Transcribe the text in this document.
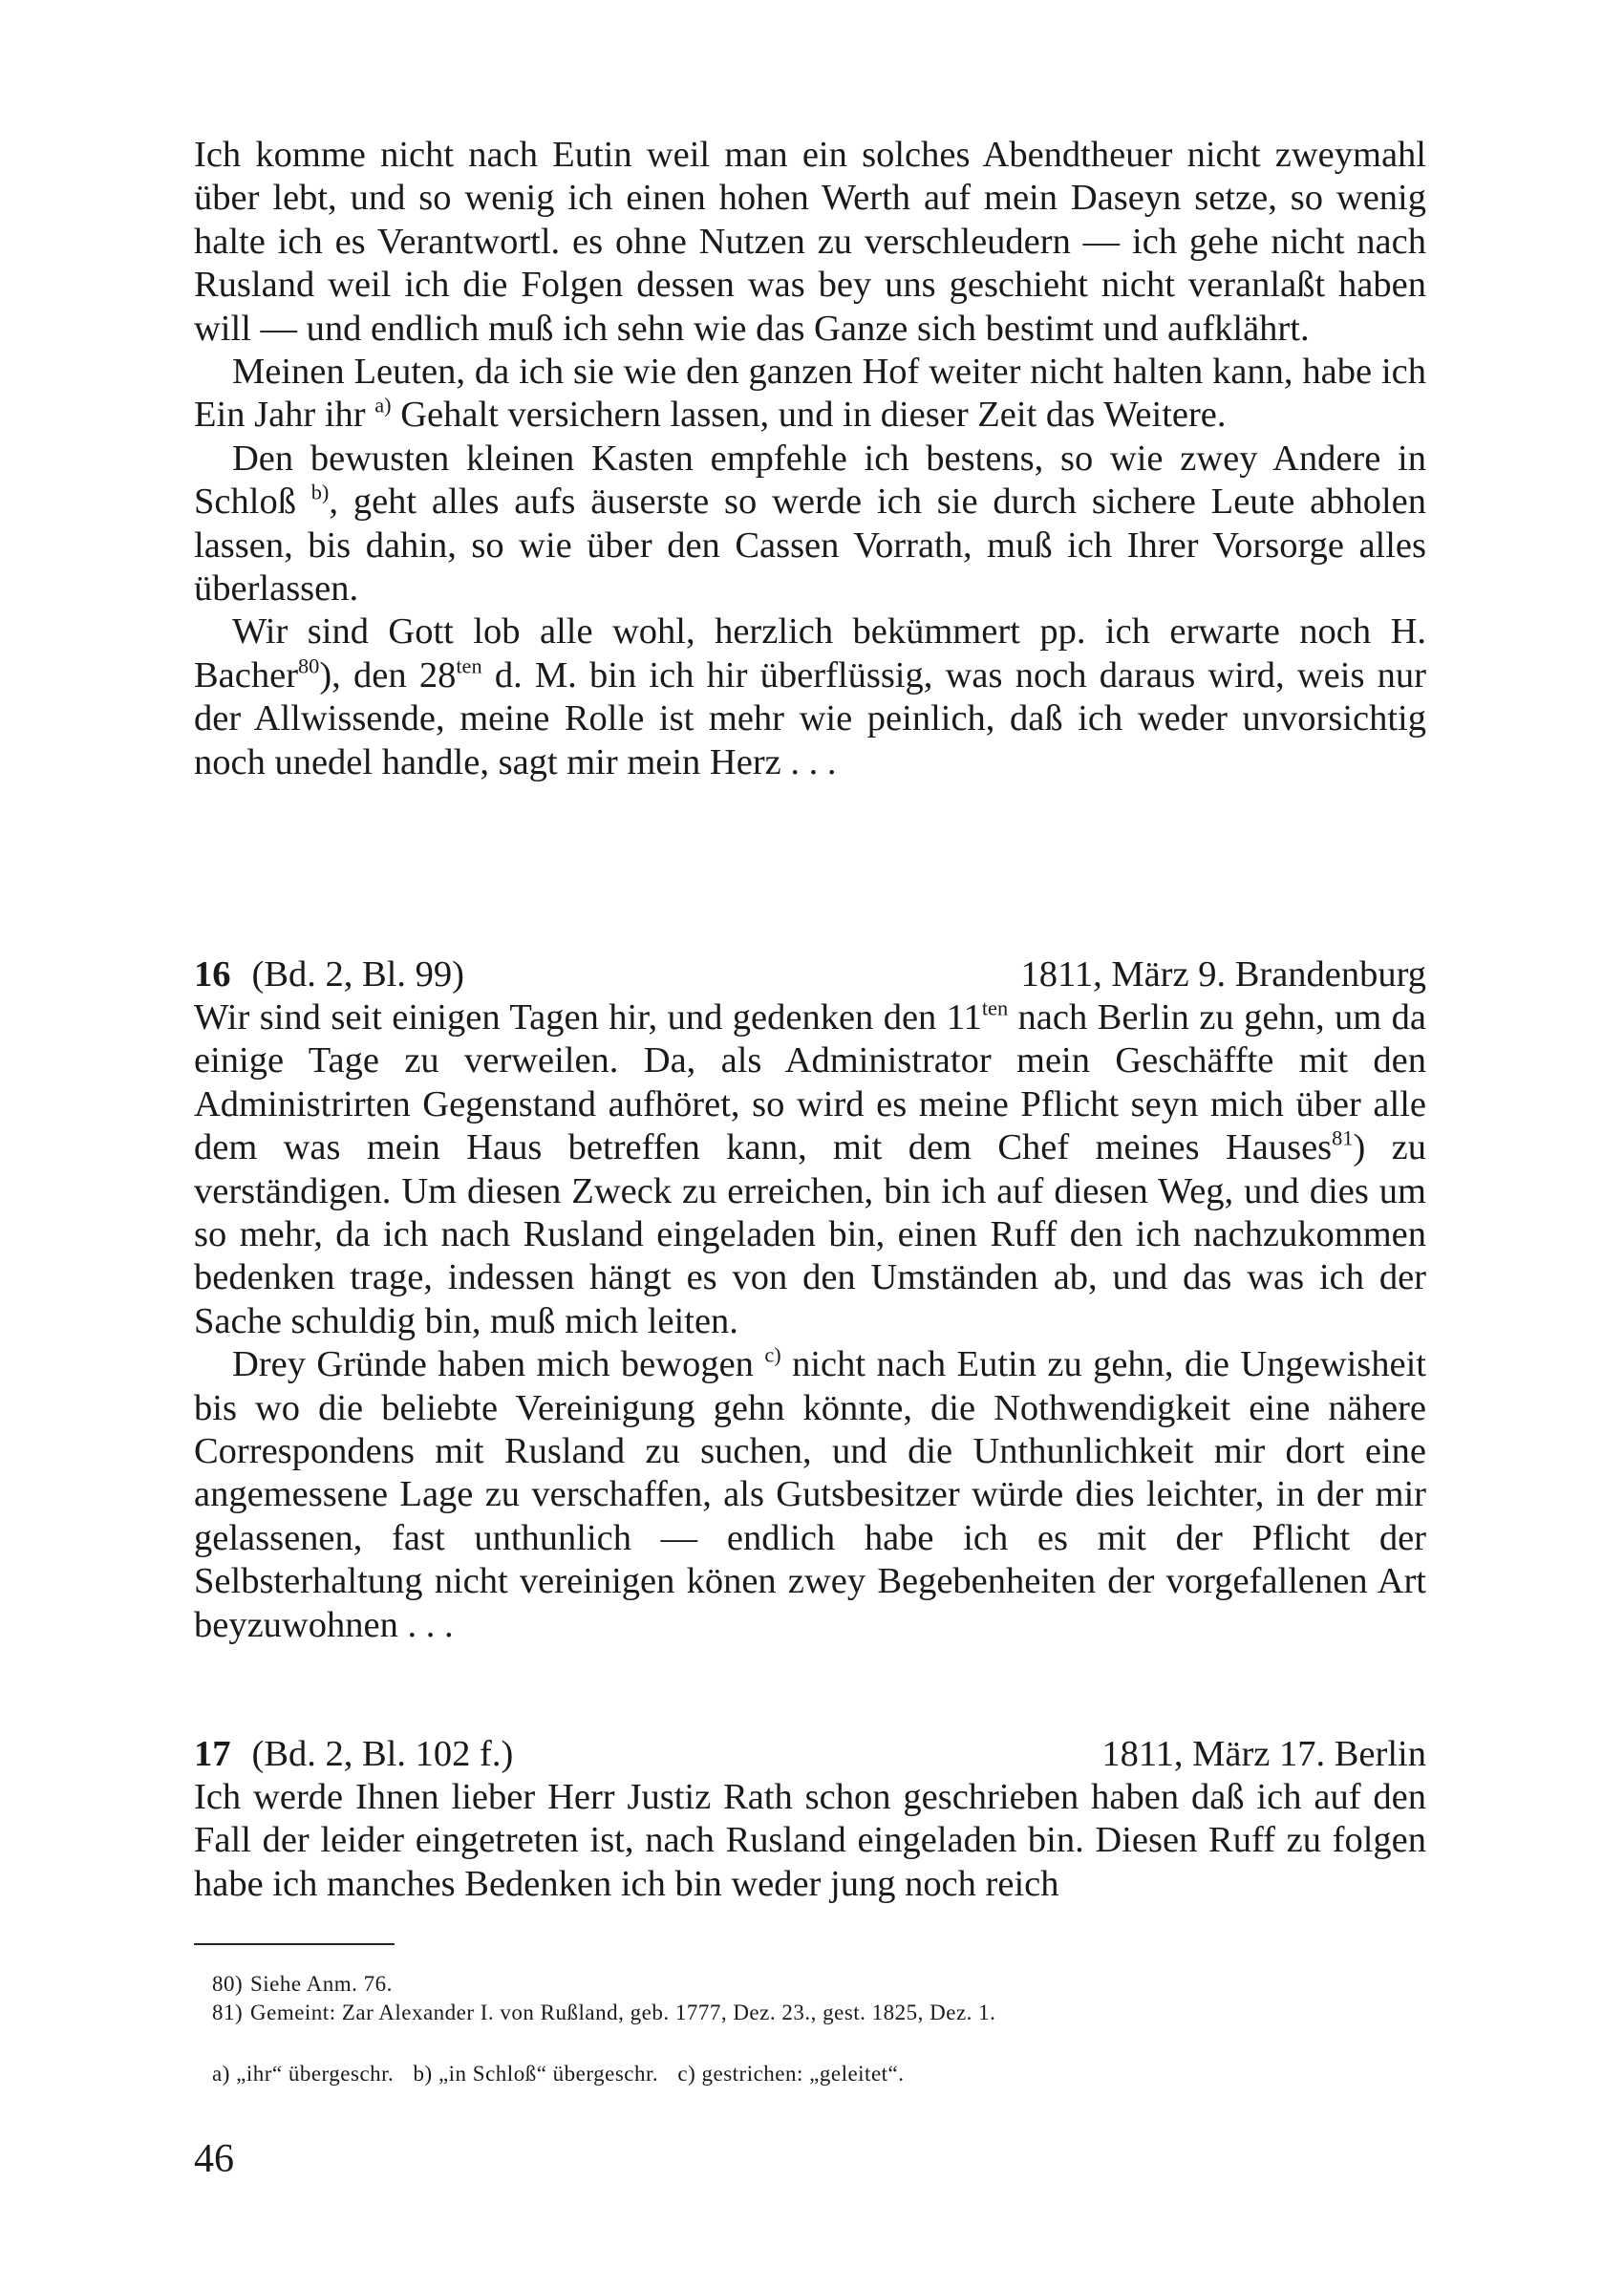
Ich komme nicht nach Eutin weil man ein solches Abendtheuer nicht zweymahl über lebt, und so wenig ich einen hohen Werth auf mein Daseyn setze, so wenig halte ich es Verantwortl. es ohne Nutzen zu verschleudern — ich gehe nicht nach Rusland weil ich die Folgen dessen was bey uns geschieht nicht veranlaßt haben will — und endlich muß ich sehn wie das Ganze sich bestimt und aufklährt.

Meinen Leuten, da ich sie wie den ganzen Hof weiter nicht halten kann, habe ich Ein Jahr ihr $^{a)}$ Gehalt versichern lassen, und in dieser Zeit das Weitere.

Den bewusten kleinen Kasten empfehle ich bestens, so wie zwey Andere in Schloß $^{b)}$, geht alles aufs äuserste so werde ich sie durch sichere Leute abholen lassen, bis dahin, so wie über den Cassen Vorrath, muß ich Ihrer Vorsorge alles überlassen.

Wir sind Gott lob alle wohl, herzlich bekümmert pp. ich erwarte noch H. Bacher$^{80}$), den $28^{ten}$ d. M. bin ich hir überflüssig, was noch daraus wird, weis nur der Allwissende, meine Rolle ist mehr wie peinlich, daß ich weder unvorsichtig noch unedel handle, sagt mir mein Herz . . .

16 (Bd. 2, Bl. 99)	1811, März 9. Brandenburg

Wir sind seit einigen Tagen hir, und gedenken den $11^{ten}$ nach Berlin zu gehn, um da einige Tage zu verweilen. Da, als Administrator mein Geschäffte mit den Administrirten Gegenstand aufhöret, so wird es meine Pflicht seyn mich über alle dem was mein Haus betreffen kann, mit dem Chef meines Hauses$^{81}$) zu verständigen. Um diesen Zweck zu erreichen, bin ich auf diesen Weg, und dies um so mehr, da ich nach Rusland eingeladen bin, einen Ruff den ich nachzukommen bedenken trage, indessen hängt es von den Umständen ab, und das was ich der Sache schuldig bin, muß mich leiten.

Drey Gründe haben mich bewogen $^{c)}$ nicht nach Eutin zu gehn, die Ungewisheit bis wo die beliebte Vereinigung gehn könnte, die Nothwendigkeit eine nähere Correspondens mit Rusland zu suchen, und die Unthunlichkeit mir dort eine angemessene Lage zu verschaffen, als Gutsbesitzer würde dies leichter, in der mir gelassenen, fast unthunlich — endlich habe ich es mit der Pflicht der Selbsterhaltung nicht vereinigen könen zwey Begebenheiten der vorgefallenen Art beyzuwohnen . . .

17 (Bd. 2, Bl. 102 f.)	1811, März 17. Berlin

Ich werde Ihnen lieber Herr Justiz Rath schon geschrieben haben daß ich auf den Fall der leider eingetreten ist, nach Rusland eingeladen bin. Diesen Ruff zu folgen habe ich manches Bedenken ich bin weder jung noch reich

80) Siehe Anm. 76.
81) Gemeint: Zar Alexander I. von Rußland, geb. 1777, Dez. 23., gest. 1825, Dez. 1.
a) „ihr“ übergeschr. b) „in Schloß“ übergeschr. c) gestrichen: „geleitet“.
46
